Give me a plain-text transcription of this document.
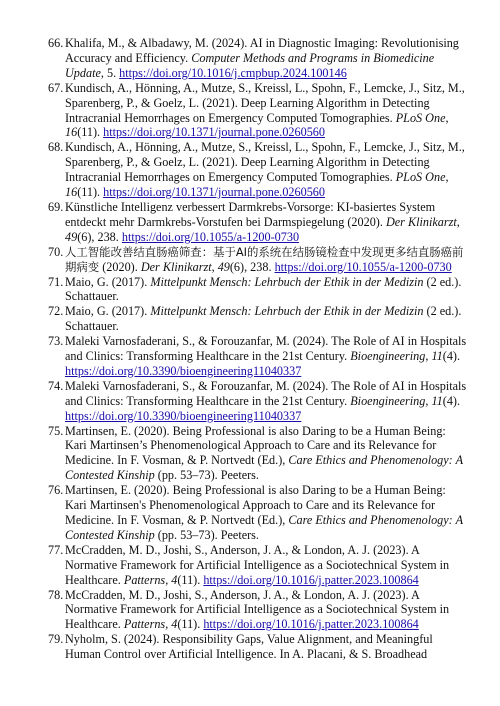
66. Khalifa, M., & Albadawy, M. (2024). AI in Diagnostic Imaging: Revolutionising Accuracy and Efficiency. Computer Methods and Programs in Biomedicine Update, 5. https://doi.org/10.1016/j.cmpbup.2024.100146
67. Kundisch, A., Hönning, A., Mutze, S., Kreissl, L., Spohn, F., Lemcke, J., Sitz, M., Sparenberg, P., & Goelz, L. (2021). Deep Learning Algorithm in Detecting Intracranial Hemorrhages on Emergency Computed Tomographies. PLoS One, 16(11). https://doi.org/10.1371/journal.pone.0260560
68. Kundisch, A., Hönning, A., Mutze, S., Kreissl, L., Spohn, F., Lemcke, J., Sitz, M., Sparenberg, P., & Goelz, L. (2021). Deep Learning Algorithm in Detecting Intracranial Hemorrhages on Emergency Computed Tomographies. PLoS One, 16(11). https://doi.org/10.1371/journal.pone.0260560
69. Künstliche Intelligenz verbessert Darmkrebs-Vorsorge: KI-basiertes System entdeckt mehr Darmkrebs-Vorstufen bei Darmspiegelung (2020). Der Klinikarzt, 49(6), 238. https://doi.org/10.1055/a-1200-0730
70. 人工智能改善结直肠癌筛查：基于AI的系统在结肠镜检查中发现更多结直肠癌前期病变 (2020). Der Klinikarzt, 49(6), 238. https://doi.org/10.1055/a-1200-0730
71. Maio, G. (2017). Mittelpunkt Mensch: Lehrbuch der Ethik in der Medizin (2 ed.). Schattauer.
72. Maio, G. (2017). Mittelpunkt Mensch: Lehrbuch der Ethik in der Medizin (2 ed.). Schattauer.
73. Maleki Varnosfaderani, S., & Forouzanfar, M. (2024). The Role of AI in Hospitals and Clinics: Transforming Healthcare in the 21st Century. Bioengineering, 11(4). https://doi.org/10.3390/bioengineering11040337
74. Maleki Varnosfaderani, S., & Forouzanfar, M. (2024). The Role of AI in Hospitals and Clinics: Transforming Healthcare in the 21st Century. Bioengineering, 11(4). https://doi.org/10.3390/bioengineering11040337
75. Martinsen, E. (2020). Being Professional is also Daring to be a Human Being: Kari Martinsen’s Phenomenological Approach to Care and its Relevance for Medicine. In F. Vosman, & P. Nortvedt (Ed.), Care Ethics and Phenomenology: A Contested Kinship (pp. 53–73). Peeters.
76. Martinsen, E. (2020). Being Professional is also Daring to be a Human Being: Kari Martinsen's Phenomenological Approach to Care and its Relevance for Medicine. In F. Vosman, & P. Nortvedt (Ed.), Care Ethics and Phenomenology: A Contested Kinship (pp. 53–73). Peeters.
77. McCradden, M. D., Joshi, S., Anderson, J. A., & London, A. J. (2023). A Normative Framework for Artificial Intelligence as a Sociotechnical System in Healthcare. Patterns, 4(11). https://doi.org/10.1016/j.patter.2023.100864
78. McCradden, M. D., Joshi, S., Anderson, J. A., & London, A. J. (2023). A Normative Framework for Artificial Intelligence as a Sociotechnical System in Healthcare. Patterns, 4(11). https://doi.org/10.1016/j.patter.2023.100864
79. Nyholm, S. (2024). Responsibility Gaps, Value Alignment, and Meaningful Human Control over Artificial Intelligence. In A. Placani, & S. Broadhead
